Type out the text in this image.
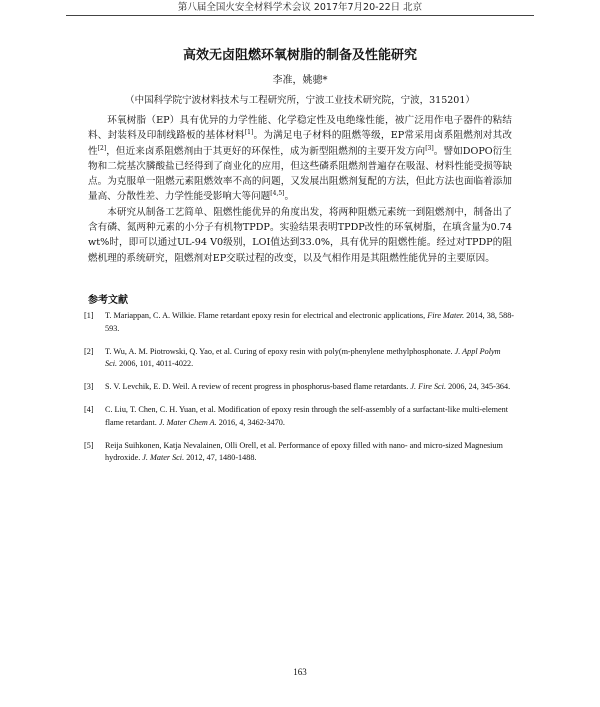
第八届全国火安全材料学术会议 2017年7月20-22日 北京
高效无卤阻燃环氧树脂的制备及性能研究
李准，姚骢*
（中国科学院宁波材料技术与工程研究所，宁波工业技术研究院，宁波，315201）

环氧树脂（EP）具有优异的力学性能、化学稳定性及电绝缘性能，被广泛用作电子器件的粘结料、封装料及印制线路板的基体材料[1]。为满足电子材料的阻燃等级，EP常采用卤系阻燃剂对其改性[2]，但近来卤系阻燃剂由于其更好的环保性，成为新型阻燃剂的主要开发方向[3]。譬如DOPO衍生物和二烷基次膦酸盐已经得到了商业化的应用，但这些磷系阻燃剂普遍存在吸湿、材料性能受损等缺点。为克服单一阻燃元素阻燃效率不高的问题，又发展出阻燃剂复配的方法，但此方法也面临着添加量高、分散性差、力学性能受影响大等问题[4,5]。

本研究从制备工艺简单、阻燃性能优异的角度出发，将两种阻燃元素统一到阻燃剂中，制备出了含有磷、氮两种元素的小分子有机物TPDP。实验结果表明TPDP改性的环氧树脂，在填含量为0.74 wt%时，即可以通过UL-94 V0级别，LOI值达到33.0%，具有优异的阻燃性能。经过对TPDP的阻燃机理的系统研究，阻燃剂对EP交联过程的改变，以及气相作用是其阻燃性能优异的主要原因。

参考文献
[1] T. Mariappan, C. A. Wilkie. Flame retardant epoxy resin for electrical and electronic applications, Fire Mater. 2014, 38, 588-593.
[2] T. Wu, A. M. Piotrowski, Q. Yao, et al. Curing of epoxy resin with poly(m-phenylene methylphosphonate. J. Appl Polym Sci. 2006, 101, 4011-4022.
[3] S. V. Levchik, E. D. Weil. A review of recent progress in phosphorus-based flame retardants. J. Fire Sci. 2006, 24, 345-364.
[4] C. Liu, T. Chen, C. H. Yuan, et al. Modification of epoxy resin through the self-assembly of a surfactant-like multi-element flame retardant. J. Mater Chem A. 2016, 4, 3462-3470.
[5] Reija Suihkonen, Katja Nevalainen, Olli Orell, et al. Performance of epoxy filled with nano- and micro-sized Magnesium hydroxide. J. Mater Sci. 2012, 47, 1480-1488.
163
